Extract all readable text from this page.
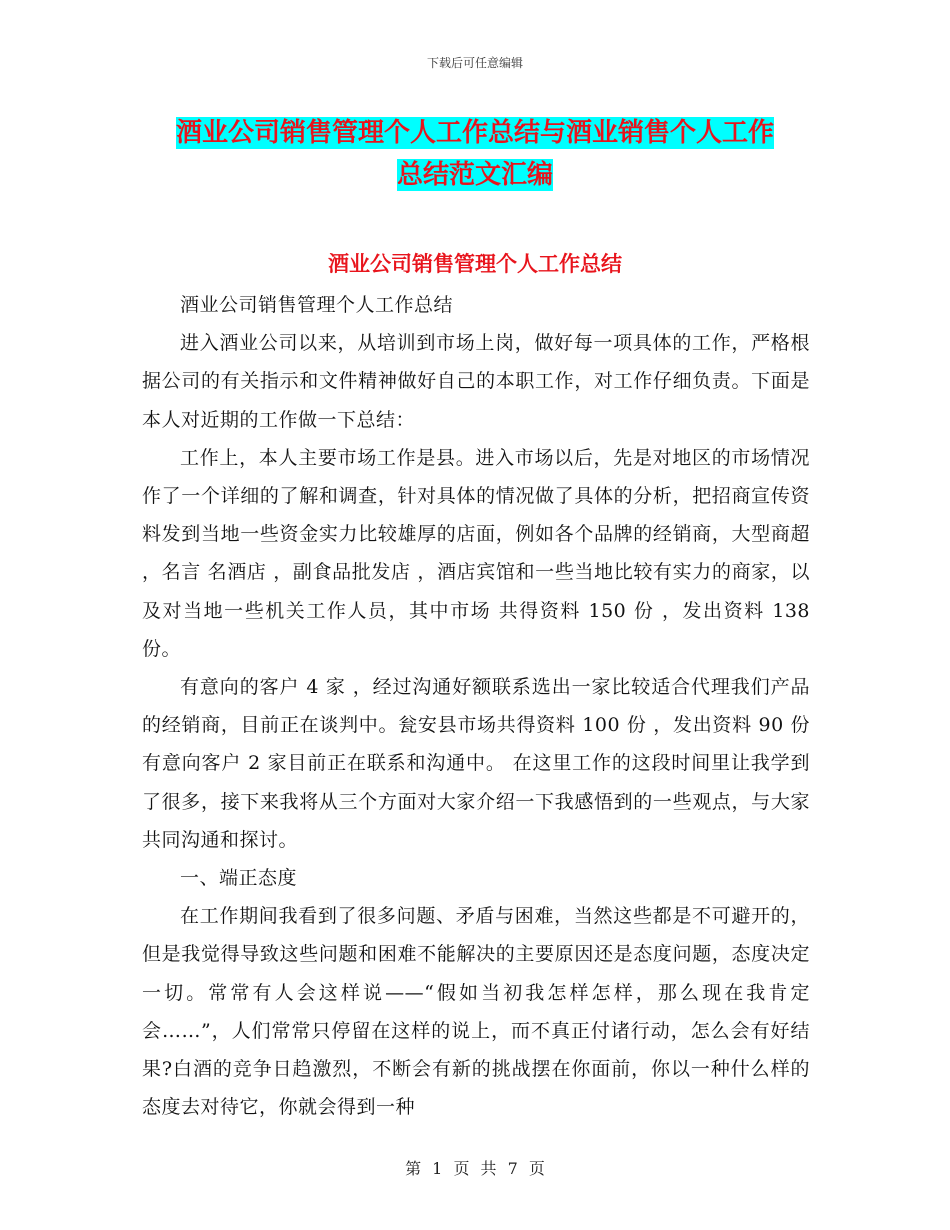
下载后可任意编辑
酒业公司销售管理个人工作总结与酒业销售个人工作
总结范文汇编
酒业公司销售管理个人工作总结

酒业公司销售管理个人工作总结

进入酒业公司以来，从培训到市场上岗，做好每一项具体的工作，严格根据公司的有关指示和文件精神做好自己的本职工作，对工作仔细负责。下面是本人对近期的工作做一下总结：

工作上，本人主要市场工作是县。进入市场以后，先是对地区的市场情况作了一个详细的了解和调查，针对具体的情况做了具体的分析，把招商宣传资料发到当地一些资金实力比较雄厚的店面，例如各个品牌的经销商，大型商超 ，名言 名酒店 ，副食品批发店 ，酒店宾馆和一些当地比较有实力的商家，以及对当地一些机关工作人员，其中市场 共得资料 150 份 ，发出资料 138 份。

有意向的客户 4 家 ，经过沟通好额联系选出一家比较适合代理我们产品的经销商，目前正在谈判中。瓮安县市场共得资料 100 份 ，发出资料 90 份 有意向客户 2 家目前正在联系和沟通中。 在这里工作的这段时间里让我学到了很多，接下来我将从三个方面对大家介绍一下我感悟到的一些观点，与大家共同沟通和探讨。

一、端正态度

在工作期间我看到了很多问题、矛盾与困难，当然这些都是不可避开的，但是我觉得导致这些问题和困难不能解决的主要原因还是态度问题，态度决定一切。常常有人会这样说——“假如当初我怎样怎样，那么现在我肯定会……”，人们常常只停留在这样的说上，而不真正付诸行动，怎么会有好结果?白酒的竞争日趋激烈，不断会有新的挑战摆在你面前，你以一种什么样的态度去对待它，你就会得到一种

第 1 页 共 7 页
